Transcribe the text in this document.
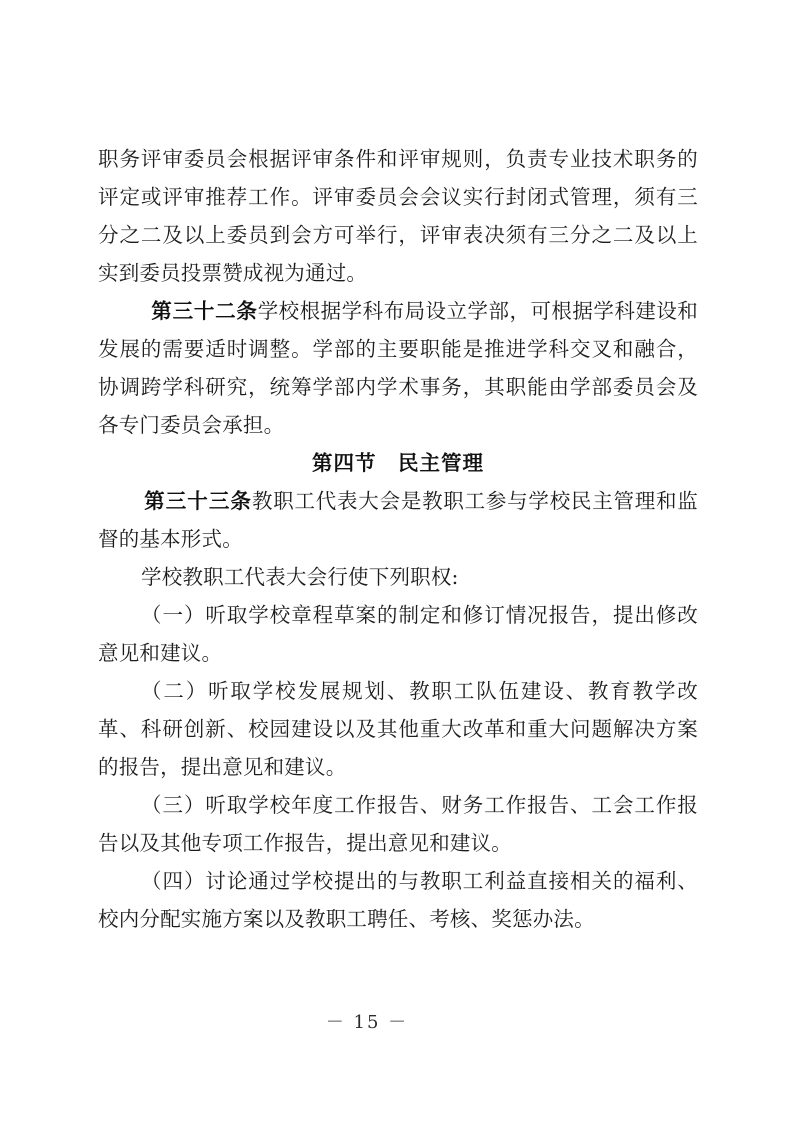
职务评审委员会根据评审条件和评审规则，负责专业技术职务的评定或评审推荐工作。评审委员会会议实行封闭式管理，须有三分之二及以上委员到会方可举行，评审表决须有三分之二及以上实到委员投票赞成视为通过。

第三十二条学校根据学科布局设立学部，可根据学科建设和发展的需要适时调整。学部的主要职能是推进学科交叉和融合，协调跨学科研究，统筹学部内学术事务，其职能由学部委员会及各专门委员会承担。

第四节　民主管理

第三十三条教职工代表大会是教职工参与学校民主管理和监督的基本形式。

学校教职工代表大会行使下列职权:

（一）听取学校章程草案的制定和修订情况报告，提出修改意见和建议。

（二）听取学校发展规划、教职工队伍建设、教育教学改革、科研创新、校园建设以及其他重大改革和重大问题解决方案的报告，提出意见和建议。

（三）听取学校年度工作报告、财务工作报告、工会工作报告以及其他专项工作报告，提出意见和建议。

（四）讨论通过学校提出的与教职工利益直接相关的福利、校内分配实施方案以及教职工聘任、考核、奖惩办法。

－ 15 －
